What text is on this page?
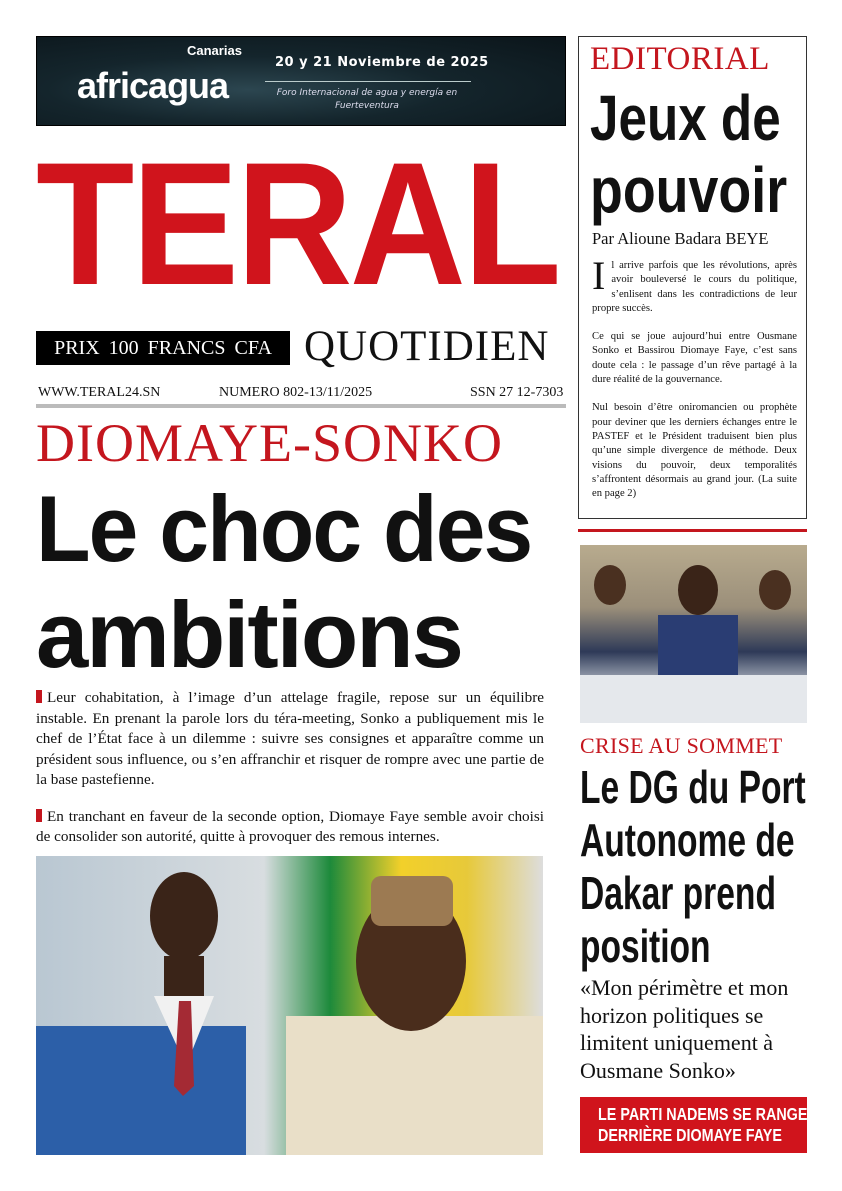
Canarias
africagua
20 y 21 Noviembre de 2025
Foro Internacional de agua y energía en Fuerteventura
TERAL
PRIX 100 FRANCS CFA QUOTIDIEN
WWW.TERAL24.SN	NUMERO 802-13/11/2025	SSN 27 12-7303
DIOMAYE-SONKO
Le choc des
ambitions

Leur cohabitation, à l’image d’un attelage fragile, repose sur un équilibre instable. En prenant la parole lors du téra-meeting, Sonko a publiquement mis le chef de l’État face à un dilemme : suivre ses consignes et apparaître comme un président sous influence, ou s’en affranchir et risquer de rompre avec une partie de la base pastefienne.

En tranchant en faveur de la seconde option, Diomaye Faye semble avoir choisi de consolider son autorité, quitte à provoquer des remous internes.

EDITORIAL
Jeux de
pouvoir
Par Alioune Badara BEYE

Il arrive parfois que les révolutions, après avoir bouleversé le cours du politique, s’enlisent dans les contradictions de leur propre succès.

Ce qui se joue aujourd’hui entre Ousmane Sonko et Bassirou Diomaye Faye, c’est sans doute cela : le passage d’un rêve partagé à la dure réalité de la gouvernance.

Nul besoin d’être oniromancien ou prophète pour deviner que les derniers échanges entre le PASTEF et le Président traduisent bien plus qu’une simple divergence de méthode. Deux visions du pouvoir, deux temporalités s’affrontent désormais au grand jour. (La suite en page 2)

CRISE AU SOMMET
Le DG du Port
Autonome de
Dakar prend
position
«Mon périmètre et mon horizon politiques se limitent uniquement à Ousmane Sonko»
LE PARTI NADEMS SE RANGE
DERRIÈRE DIOMAYE FAYE
